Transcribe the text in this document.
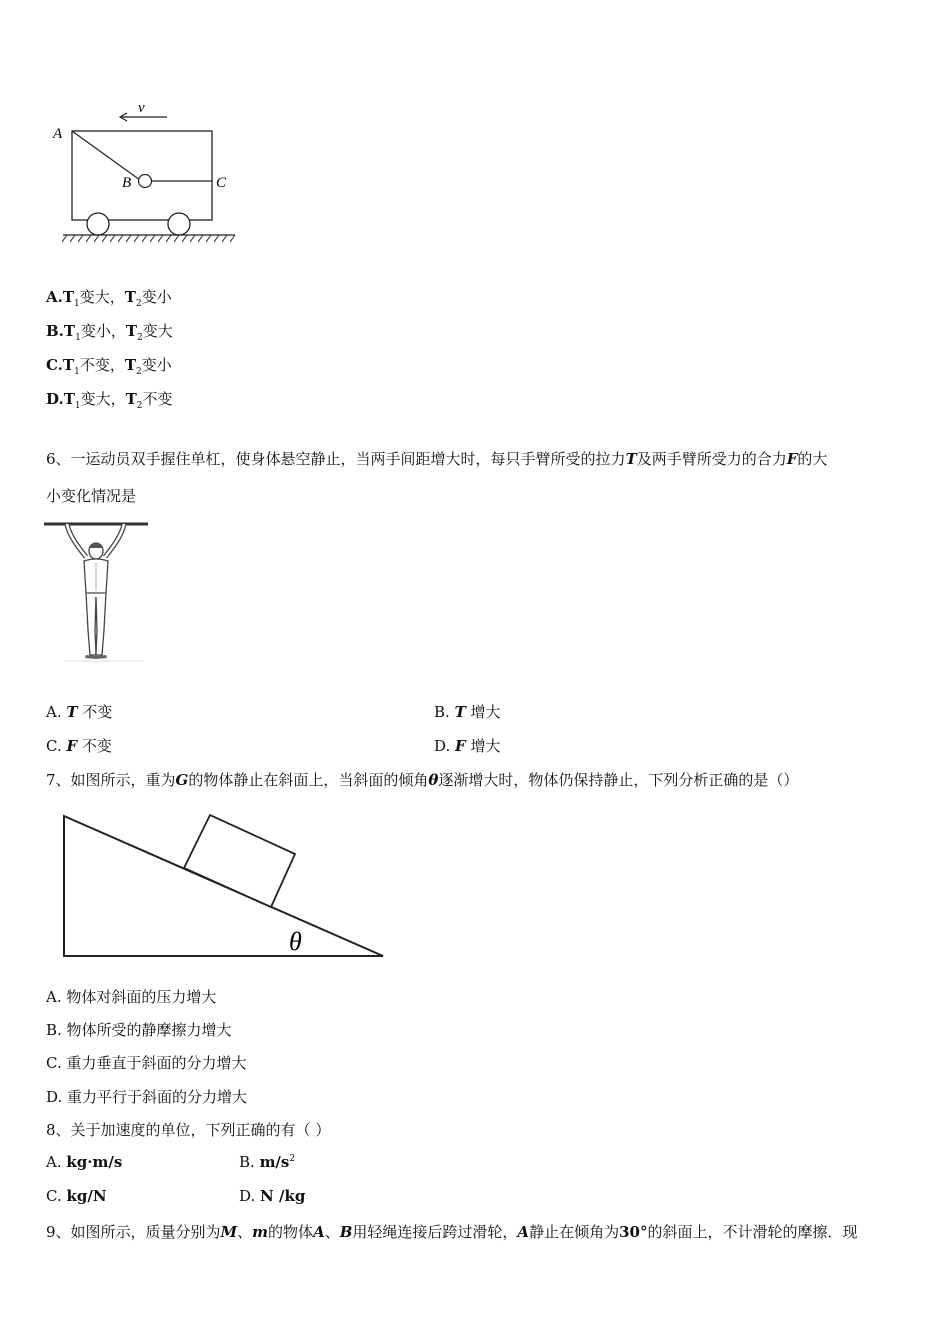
v
A
B	C
$A.T_1$变大，$T_2$变小
$B.T_1$变小，$T_2$变大
$C.T_1$不变，$T_2$变小
$D.T_1$变大，$T_2$不变
6、一运动员双手握住单杠，使身体悬空静止，当两手间距增大时，每只手臂所受的拉力T及两手臂所受力的合力F的大
小变化情况是
A. T 不变	B. T 增大
C. F 不变	D. F 增大
7、如图所示，重为G的物体静止在斜面上，当斜面的倾角θ逐渐增大时，物体仍保持静止，下列分析正确的是（）
θ
A. 物体对斜面的压力增大
B. 物体所受的静摩擦力增大
C. 重力垂直于斜面的分力增大
D. 重力平行于斜面的分力增大
8、关于加速度的单位，下列正确的有（ ）
A. kg·m/s	B. $m/s^2$
C. kg/N	D. N /kg
9、如图所示，质量分别为M、m的物体A、B用轻绳连接后跨过滑轮，A静止在倾角为30°的斜面上，不计滑轮的摩擦．现
